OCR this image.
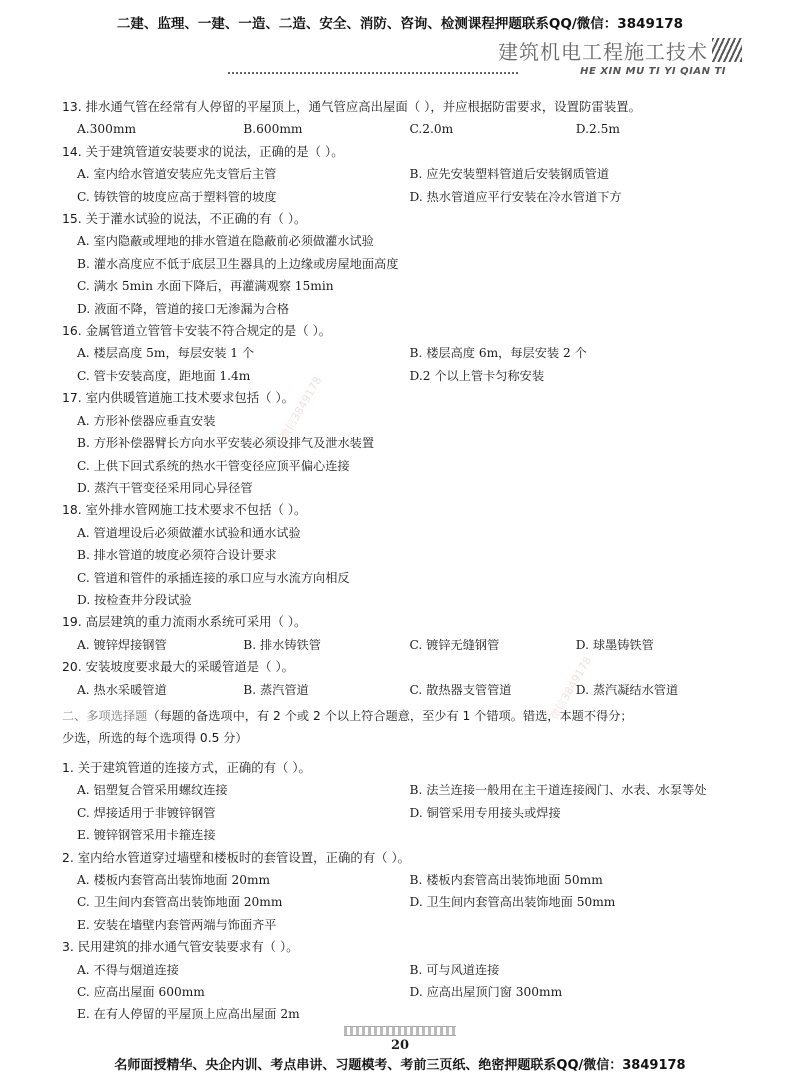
二建、监理、一建、一造、二造、安全、消防、咨询、检测课程押题联系QQ/微信：3849178
建筑机电工程施工技术
HE XIN MU TI YI QIAN TI
13. 排水通气管在经常有人停留的平屋顶上，通气管应高出屋面（ ），并应根据防雷要求，设置防雷装置。
A.300mm	B.600mm	C.2.0m	D.2.5m
14. 关于建筑管道安装要求的说法，正确的是（ ）。
A. 室内给水管道安装应先支管后主管	B. 应先安装塑料管道后安装钢质管道
C. 铸铁管的坡度应高于塑料管的坡度	D. 热水管道应平行安装在冷水管道下方
15. 关于灌水试验的说法，不正确的有（ ）。
A. 室内隐蔽或埋地的排水管道在隐蔽前必须做灌水试验
B. 灌水高度应不低于底层卫生器具的上边缘或房屋地面高度
C. 满水 5min 水面下降后，再灌满观察 15min
D. 液面不降，管道的接口无渗漏为合格
16. 金属管道立管管卡安装不符合规定的是（ ）。
A. 楼层高度 5m，每层安装 1 个	B. 楼层高度 6m，每层安装 2 个
C. 管卡安装高度，距地面 1.4m	D.2 个以上管卡匀称安装
17. 室内供暖管道施工技术要求包括（ ）。
A. 方形补偿器应垂直安装
B. 方形补偿器臂长方向水平安装必须设排气及泄水装置
C. 上供下回式系统的热水干管变径应顶平偏心连接
D. 蒸汽干管变径采用同心异径管
18. 室外排水管网施工技术要求不包括（ ）。
A. 管道埋设后必须做灌水试验和通水试验
B. 排水管道的坡度必须符合设计要求
C. 管道和管件的承插连接的承口应与水流方向相反
D. 按检查井分段试验
19. 高层建筑的重力流雨水系统可采用（ ）。
A. 镀锌焊接钢管	B. 排水铸铁管	C. 镀锌无缝钢管	D. 球墨铸铁管
20. 安装坡度要求最大的采暖管道是（ ）。
A. 热水采暖管道	B. 蒸汽管道	C. 散热器支管管道	D. 蒸汽凝结水管道
二、多项选择题（每题的备选项中，有 2 个或 2 个以上符合题意，至少有 1 个错项。错选，本题不得分；
少选，所选的每个选项得 0.5 分）
1. 关于建筑管道的连接方式，正确的有（ ）。
A. 铝塑复合管采用螺纹连接	B. 法兰连接一般用在主干道连接阀门、水表、水泵等处
C. 焊接适用于非镀锌钢管	D. 铜管采用专用接头或焊接
E. 镀锌钢管采用卡箍连接
2. 室内给水管道穿过墙壁和楼板时的套管设置，正确的有（ ）。
A. 楼板内套管高出装饰地面 20mm	B. 楼板内套管高出装饰地面 50mm
C. 卫生间内套管高出装饰地面 20mm	D. 卫生间内套管高出装饰地面 50mm
E. 安装在墙壁内套管两端与饰面齐平
3. 民用建筑的排水通气管安装要求有（ ）。
A. 不得与烟道连接	B. 可与风道连接
C. 应高出屋面 600mm	D. 应高出屋顶门窗 300mm
E. 在有人停留的平屋顶上应高出屋面 2m
微信3849178
微信3849178
20
名师面授精华、央企内训、考点串讲、习题模考、考前三页纸、绝密押题联系QQ/微信：3849178
